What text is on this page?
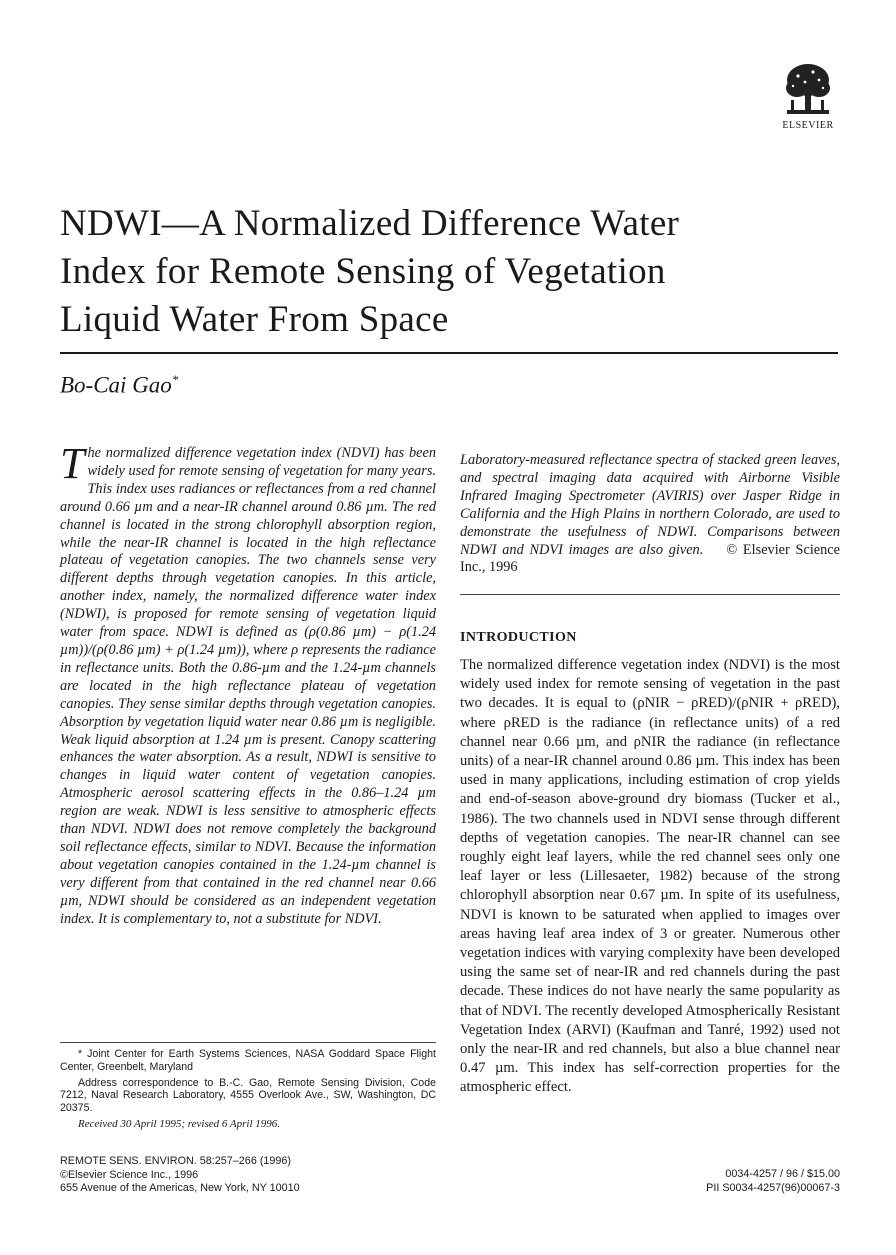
ELSEVIER
NDWI—A Normalized Difference Water
Index for Remote Sensing of Vegetation
Liquid Water From Space
Bo-Cai Gao*

The normalized difference vegetation index (NDVI) has been widely used for remote sensing of vegetation for many years. This index uses radiances or reflectances from a red channel around 0.66 µm and a near-IR channel around 0.86 µm. The red channel is located in the strong chlorophyll absorption region, while the near-IR channel is located in the high reflectance plateau of vegetation canopies. The two channels sense very different depths through vegetation canopies. In this article, another index, namely, the normalized difference water index (NDWI), is proposed for remote sensing of vegetation liquid water from space. NDWI is defined as (ρ(0.86 µm) − ρ(1.24 µm))/(ρ(0.86 µm) + ρ(1.24 µm)), where ρ represents the radiance in reflectance units. Both the 0.86-µm and the 1.24-µm channels are located in the high reflectance plateau of vegetation canopies. They sense similar depths through vegetation canopies. Absorption by vegetation liquid water near 0.86 µm is negligible. Weak liquid absorption at 1.24 µm is present. Canopy scattering enhances the water absorption. As a result, NDWI is sensitive to changes in liquid water content of vegetation canopies. Atmospheric aerosol scattering effects in the 0.86–1.24 µm region are weak. NDWI is less sensitive to atmospheric effects than NDVI. NDWI does not remove completely the background soil reflectance effects, similar to NDVI. Because the information about vegetation canopies contained in the 1.24-µm channel is very different from that contained in the red channel near 0.66 µm, NDWI should be considered as an independent vegetation index. It is complementary to, not a substitute for NDVI.

Laboratory-measured reflectance spectra of stacked green leaves, and spectral imaging data acquired with Airborne Visible Infrared Imaging Spectrometer (AVIRIS) over Jasper Ridge in California and the High Plains in northern Colorado, are used to demonstrate the usefulness of NDWI. Comparisons between NDWI and NDVI images are also given. © Elsevier Science Inc., 1996

INTRODUCTION

The normalized difference vegetation index (NDVI) is the most widely used index for remote sensing of vegetation in the past two decades. It is equal to (ρNIR − ρRED)/(ρNIR + ρRED), where ρRED is the radiance (in reflectance units) of a red channel near 0.66 µm, and ρNIR the radiance (in reflectance units) of a near-IR channel around 0.86 µm. This index has been used in many applications, including estimation of crop yields and end-of-season above-ground dry biomass (Tucker et al., 1986). The two channels used in NDVI sense through different depths of vegetation canopies. The near-IR channel can see roughly eight leaf layers, while the red channel sees only one leaf layer or less (Lillesaeter, 1982) because of the strong chlorophyll absorption near 0.67 µm. In spite of its usefulness, NDVI is known to be saturated when applied to images over areas having leaf area index of 3 or greater. Numerous other vegetation indices with varying complexity have been developed using the same set of near-IR and red channels during the past decade. These indices do not have nearly the same popularity as that of NDVI. The recently developed Atmospherically Resistant Vegetation Index (ARVI) (Kaufman and Tanré, 1992) used not only the near-IR and red channels, but also a blue channel near 0.47 µm. This index has self-correction properties for the atmospheric effect.

* Joint Center for Earth Systems Sciences, NASA Goddard Space Flight Center, Greenbelt, Maryland

Address correspondence to B.-C. Gao, Remote Sensing Division, Code 7212, Naval Research Laboratory, 4555 Overlook Ave., SW, Washington, DC 20375.

Received 30 April 1995; revised 6 April 1996.

REMOTE SENS. ENVIRON. 58:257–266 (1996)
©Elsevier Science Inc., 1996
655 Avenue of the Americas, New York, NY 10010
0034-4257 / 96 / $15.00
PII S0034-4257(96)00067-3
